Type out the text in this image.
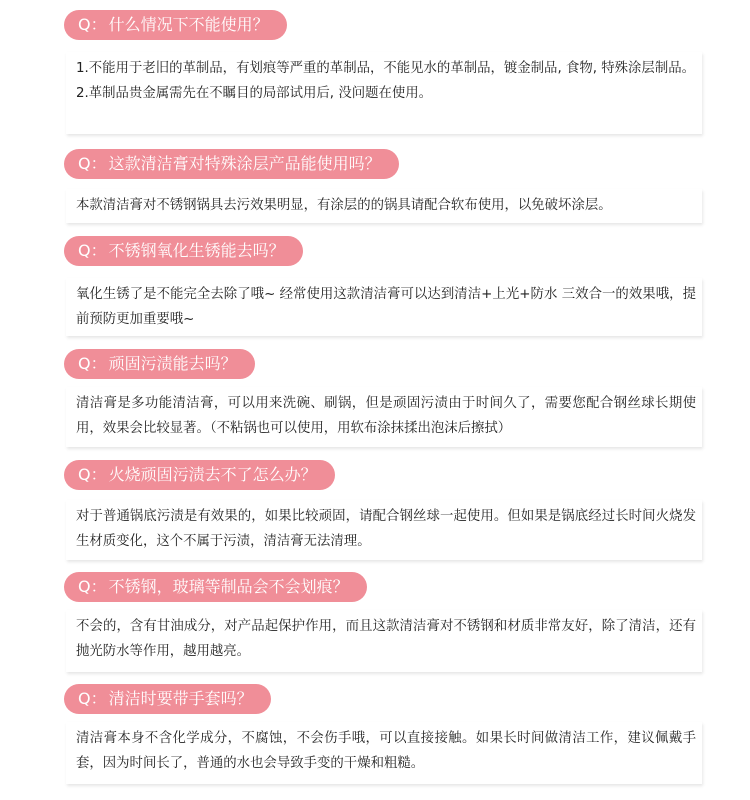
Q： 什么情况下不能使用？

1.不能用于老旧的革制品，有划痕等严重的革制品，不能见水的革制品，镀金制品, 食物, 特殊涂层制品。

2.革制品贵金属需先在不瞩目的局部试用后, 没问题在使用。

Q： 这款清洁膏对特殊涂层产品能使用吗？

本款清洁膏对不锈钢锅具去污效果明显，有涂层的的锅具请配合软布使用，以免破坏涂层。

Q： 不锈钢氧化生锈能去吗？

氧化生锈了是不能完全去除了哦~ 经常使用这款清洁膏可以达到清洁+上光+防水 三效合一的效果哦，提前预防更加重要哦~

Q： 顽固污渍能去吗？

清洁膏是多功能清洁膏，可以用来洗碗、刷锅，但是顽固污渍由于时间久了，需要您配合钢丝球长期使用，效果会比较显著。（不粘锅也可以使用，用软布涂抹揉出泡沫后擦拭）

Q： 火烧顽固污渍去不了怎么办？

对于普通锅底污渍是有效果的，如果比较顽固，请配合钢丝球一起使用。但如果是锅底经过长时间火烧发生材质变化，这个不属于污渍，清洁膏无法清理。

Q： 不锈钢，玻璃等制品会不会划痕？

不会的，含有甘油成分，对产品起保护作用，而且这款清洁膏对不锈钢和材质非常友好，除了清洁，还有抛光防水等作用，越用越亮。

Q： 清洁时要带手套吗？

清洁膏本身不含化学成分，不腐蚀，不会伤手哦，可以直接接触。如果长时间做清洁工作，建议佩戴手套，因为时间长了，普通的水也会导致手变的干燥和粗糙。
